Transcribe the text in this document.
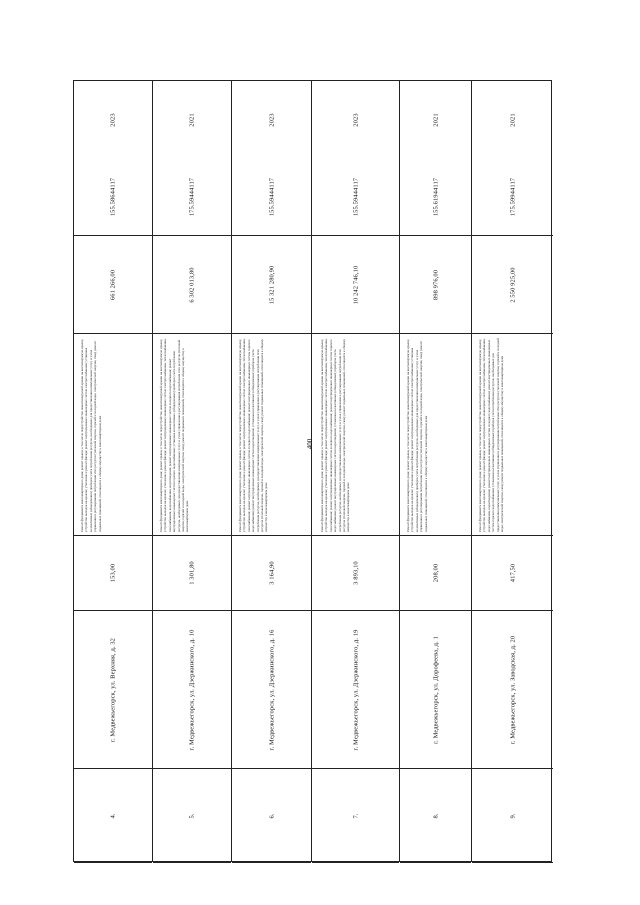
400
4.
г. Медвежьегорск, ул. Верхняя, д. 32
153,00
Ремонт фундамента многоквартирного дома; ремонт крыши, в том числе переустройство невентилируемой крыши на вентилируемую крышу, устройство выходов на кровлю; утепление и ремонт фасада; ремонт внутридомовых инженерных систем электроснабжения; установка коллективных (общедомовых) приборов учета потребления ресурсов, необходимых для предоставления коммунальных услуг, и узлов управления и регулирования потребления этих ресурсов (тепловой энергии, горячей и холодной воды, электрической энергии, газа); ремонт подвальных помещений, относящихся к общему имуществу в многоквартирном доме
661 266,00
155.58644117
2023
5.
г. Медвежьегорск, ул. Дзержинского, д. 10
1 301,80
Ремонт фундамента многоквартирного дома; ремонт крыши, в том числе переустройство невентилируемой крыши на вентилируемую крышу, устройство выходов на кровлю; утепление и ремонт фасада; ремонт внутридомовых инженерных систем электроснабжения, теплоснабжения, газоснабжения, водоснабжения, водоотведения; ремонт внутридомовых инженерных систем холодного водоснабжения; ремонт внутридомовых инженерных систем горячего водоснабжения; установка коллективных (общедомовых) приборов учета потребления ресурсов, необходимых для предоставления коммунальных услуг, и узлов управления и регулирования потребления этих ресурсов (тепловой энергии, горячей и холодной воды, электрической энергии, газа); ремонт подвальных помещений, относящихся к общему имуществу в многоквартирном доме
6 302 013,80
175.59444117
2021
6.
г. Медвежьегорск, ул. Дзержинского, д. 16
3 164,90
Ремонт фундамента многоквартирного дома; ремонт крыши, в том числе переустройство невентилируемой крыши на вентилируемую крышу, устройство выходов на кровлю; утепление и ремонт фасада; ремонт внутридомовых инженерных систем электроснабжения, теплоснабжения, газоснабжения; ремонт внутридомовых инженерных систем холодного водоснабжения; ремонт внутридомовых инженерных систем горячего водоснабжения; ремонт внутридомовых инженерных систем водоотведения; установка коллективных (общедомовых) приборов учета потребления ресурсов, необходимых для предоставления коммунальных услуг, и узлов управления и регулирования потребления этих ресурсов (тепловой энергии, горячей и холодной воды, электрической энергии, газа); ремонт подвальных помещений, относящихся к общему имуществу в многоквартирном доме
15 321 280,90
155.59444117
2023
7.
г. Медвежьегорск, ул. Дзержинского, д. 19
3 893,10
Ремонт фундамента многоквартирного дома; ремонт крыши, в том числе переустройство невентилируемой крыши на вентилируемую крышу, устройство выходов на кровлю; утепление и ремонт фасада; ремонт внутридомовых инженерных систем электроснабжения, теплоснабжения, газоснабжения; ремонт внутридомовых инженерных систем холодного водоснабжения; ремонт внутридомовых инженерных систем горячего водоснабжения; ремонт внутридомовых инженерных систем водоотведения; установка коллективных (общедомовых) приборов учета потребления ресурсов, необходимых для предоставления коммунальных услуг, и узлов управления и регулирования потребления этих ресурсов (тепловой энергии, горячей и холодной воды, электрической энергии, газа); ремонт подвальных помещений, относящихся к общему имуществу в многоквартирном доме
10 242 746,10
155.59444117
2023
8.
г. Медвежьегорск, ул. Дорофеева, д. 1
208,00
Ремонт фундамента многоквартирного дома; ремонт крыши, в том числе переустройство невентилируемой крыши на вентилируемую крышу, устройство выходов на кровлю; утепление и ремонт фасада; ремонт внутридомовых инженерных систем электроснабжения; установка коллективных (общедомовых) приборов учета потребления ресурсов, необходимых для предоставления коммунальных услуг, и узлов управления и регулирования потребления этих ресурсов (тепловой энергии, горячей и холодной воды, электрической энергии, газа); ремонт подвальных помещений, относящихся к общему имуществу в многоквартирном доме
898 976,00
155.61944117
2021
9.
г. Медвежьегорск, ул. Заводская, д. 20
417,50
Ремонт фундамента многоквартирного дома; ремонт крыши, в том числе переустройство невентилируемой крыши на вентилируемую крышу, устройство выходов на кровлю; утепление и ремонт фасада; ремонт внутридомовых инженерных систем электроснабжения, теплоснабжения, водоснабжения, водоотведения; ремонт внутридомовых инженерных систем холодного водоснабжения; ремонт внутридомовых инженерных систем горячего водоснабжения; установка коллективных (общедомовых) приборов учета потребления ресурсов, необходимых для предоставления коммунальных услуг, и узлов управления и регулирования потребления этих ресурсов (тепловой энергии, горячей и холодной воды, электрической энергии, газа); ремонт подвальных помещений, относящихся к общему имуществу в многоквартирном доме
2 550 925,00
175.59944117
2021
